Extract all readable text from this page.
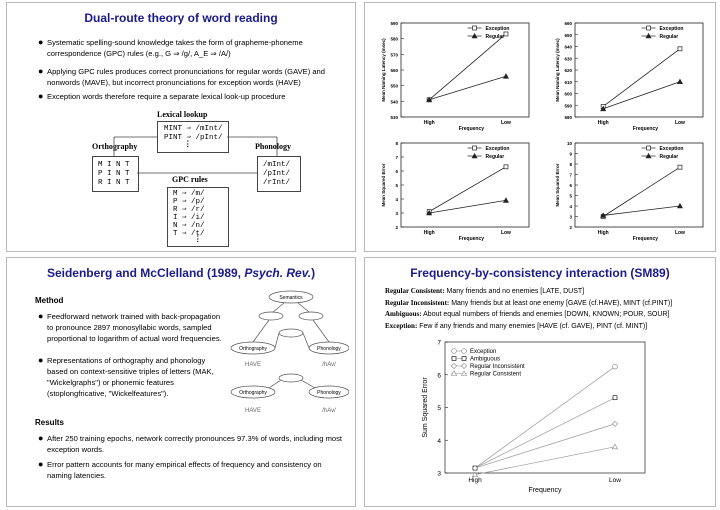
Dual-route theory of word reading
● Systematic spelling-sound knowledge takes the form of grapheme-phoneme correspondence (GPC) rules (e.g., G ⇒ /g/, A_E ⇒ /A/)
● Applying GPC rules produces correct pronunciations for regular words (GAVE) and nonwords (MAVE), but incorrect pronunciations for exception words (HAVE)
● Exception words therefore require a separate lexical look-up procedure
Lexical lookup
MINT ⇒ /mInt/
PINT ⇒ /pInt/
⋮
Orthography	Phonology
M I N T
P I N T
R I N T
/mInt/
/pInt/
/rInt/
GPC rules
M ⇒ /m/
P ⇒ /p/
R ⇒ /r/
I ⇒ /i/
N ⇒ /n/
T ⇒ /t/
⋮
530
540
550
560
570
580
590
High	Low
Frequency
Mean Naming Latency (msec)
Exception
Regular
580
590
600
610
620
630
640
650
660
High	Low
Frequency
Mean Naming Latency (msec)
Exception
Regular
2
3
4
5
6
7
8
High	Low
Frequency
Mean Squared Error
Exception
Regular
2
3
4
5
6
7
8
9
10
High	Low
Frequency
Mean Squared Error
Exception
Regular
Seidenberg and McClelland (1989, Psych. Rev.)
Method
● Feedforward network trained with back-propagation to pronounce 2897 monosyllabic words, sampled proportional to logarithm of actual word frequencies.
● Representations of orthography and phonology based on context-sensitive triples of letters (MAK, "Wickelgraphs") or phonemic features (stoplongfricative, "Wickelfeatures").
Results
● After 250 training epochs, network correctly pronounces 97.3% of words, including most exception words.
● Error pattern accounts for many empirical effects of frequency and consistency on naming latencies.
Semantics
Orthography	Phonology
HAVE	/hAv/
Orthography	Phonology
HAVE	/hAv/
Frequency-by-consistency interaction (SM89)
Regular Consistent: Many friends and no enemies [LATE, DUST]
Regular Inconsistent: Many friends but at least one enemy [GAVE (cf.HAVE), MINT (cf.PINT)]
Ambiguous: About equal numbers of friends and enemies [DOWN, KNOWN; POUR, SOUR]
Exception: Few if any friends and many enemies [HAVE (cf. GAVE), PINT (cf. MINT)]
3
4
5
6
7
High	Low
Frequency
Sum Squared Error
Exception
Ambiguous
Regular Inconsistent
Regular Consistent
